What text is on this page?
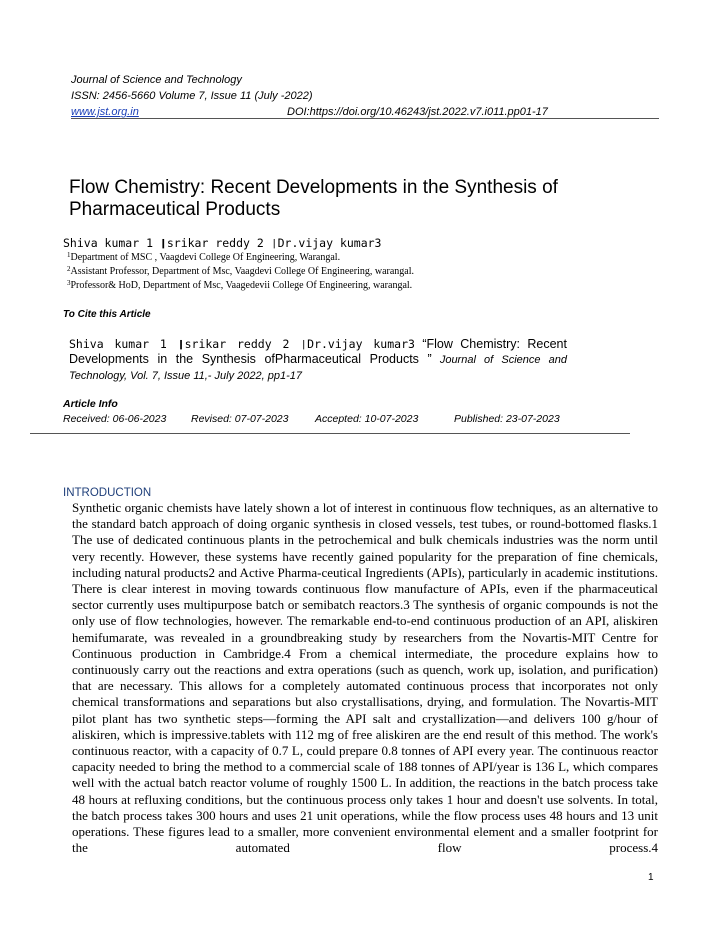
Journal of Science and Technology
ISSN: 2456-5660 Volume 7, Issue 11 (July -2022)
www.jst.org.in	DOI:https://doi.org/10.46243/jst.2022.v7.i011.pp01-17
Flow Chemistry: Recent Developments in the Synthesis of Pharmaceutical Products
Shiva kumar 1 ❙srikar reddy 2 ❘Dr.vijay kumar3
$^1$Department of MSC , Vaagdevi College Of Engineering, Warangal.
$^2$Assistant Professor, Department of Msc, Vaagdevi College Of Engineering, warangal.
$^3$Professor& HoD, Department of Msc, Vaagedevii College Of Engineering, warangal.
To Cite this Article
Shiva kumar 1 ❙srikar reddy 2 ❘Dr.vijay kumar3 “Flow Chemistry: Recent Developments in the Synthesis ofPharmaceutical Products ” Journal of Science and Technology, Vol. 7, Issue 11,- July 2022, pp1-17
Article Info
Received: 06-06-2023 Revised: 07-07-2023	Accepted: 10-07-2023	Published: 23-07-2023
INTRODUCTION
Synthetic organic chemists have lately shown a lot of interest in continuous flow techniques, as an alternative to the standard batch approach of doing organic synthesis in closed vessels, test tubes, or round-bottomed flasks.1 The use of dedicated continuous plants in the petrochemical and bulk chemicals industries was the norm until very recently. However, these systems have recently gained popularity for the preparation of fine chemicals, including natural products2 and Active Pharma-ceutical Ingredients (APIs), particularly in academic institutions. There is clear interest in moving towards continuous flow manufacture of APIs, even if the pharmaceutical sector currently uses multipurpose batch or semibatch reactors.3 The synthesis of organic compounds is not the only use of flow technologies, however. The remarkable end-to-end continuous production of an API, aliskiren hemifumarate, was revealed in a groundbreaking study by researchers from the Novartis-MIT Centre for Continuous production in Cambridge.4 From a chemical intermediate, the procedure explains how to continuously carry out the reactions and extra operations (such as quench, work up, isolation, and purification) that are necessary. This allows for a completely automated continuous process that incorporates not only chemical transformations and separations but also crystallisations, drying, and formulation. The Novartis-MIT pilot plant has two synthetic steps—forming the API salt and crystallization—and delivers 100 g/hour of aliskiren, which is impressive.tablets with 112 mg of free aliskiren are the end result of this method. The work's continuous reactor, with a capacity of 0.7 L, could prepare 0.8 tonnes of API every year. The continuous reactor capacity needed to bring the method to a commercial scale of 188 tonnes of API/year is 136 L, which compares well with the actual batch reactor volume of roughly 1500 L. In addition, the reactions in the batch process take 48 hours at refluxing conditions, but the continuous process only takes 1 hour and doesn't use solvents. In total, the batch process takes 300 hours and uses 21 unit operations, while the flow process uses 48 hours and 13 unit operations. These figures lead to a smaller, more convenient environmental element and a smaller footprint for the automated flow process.4
1
